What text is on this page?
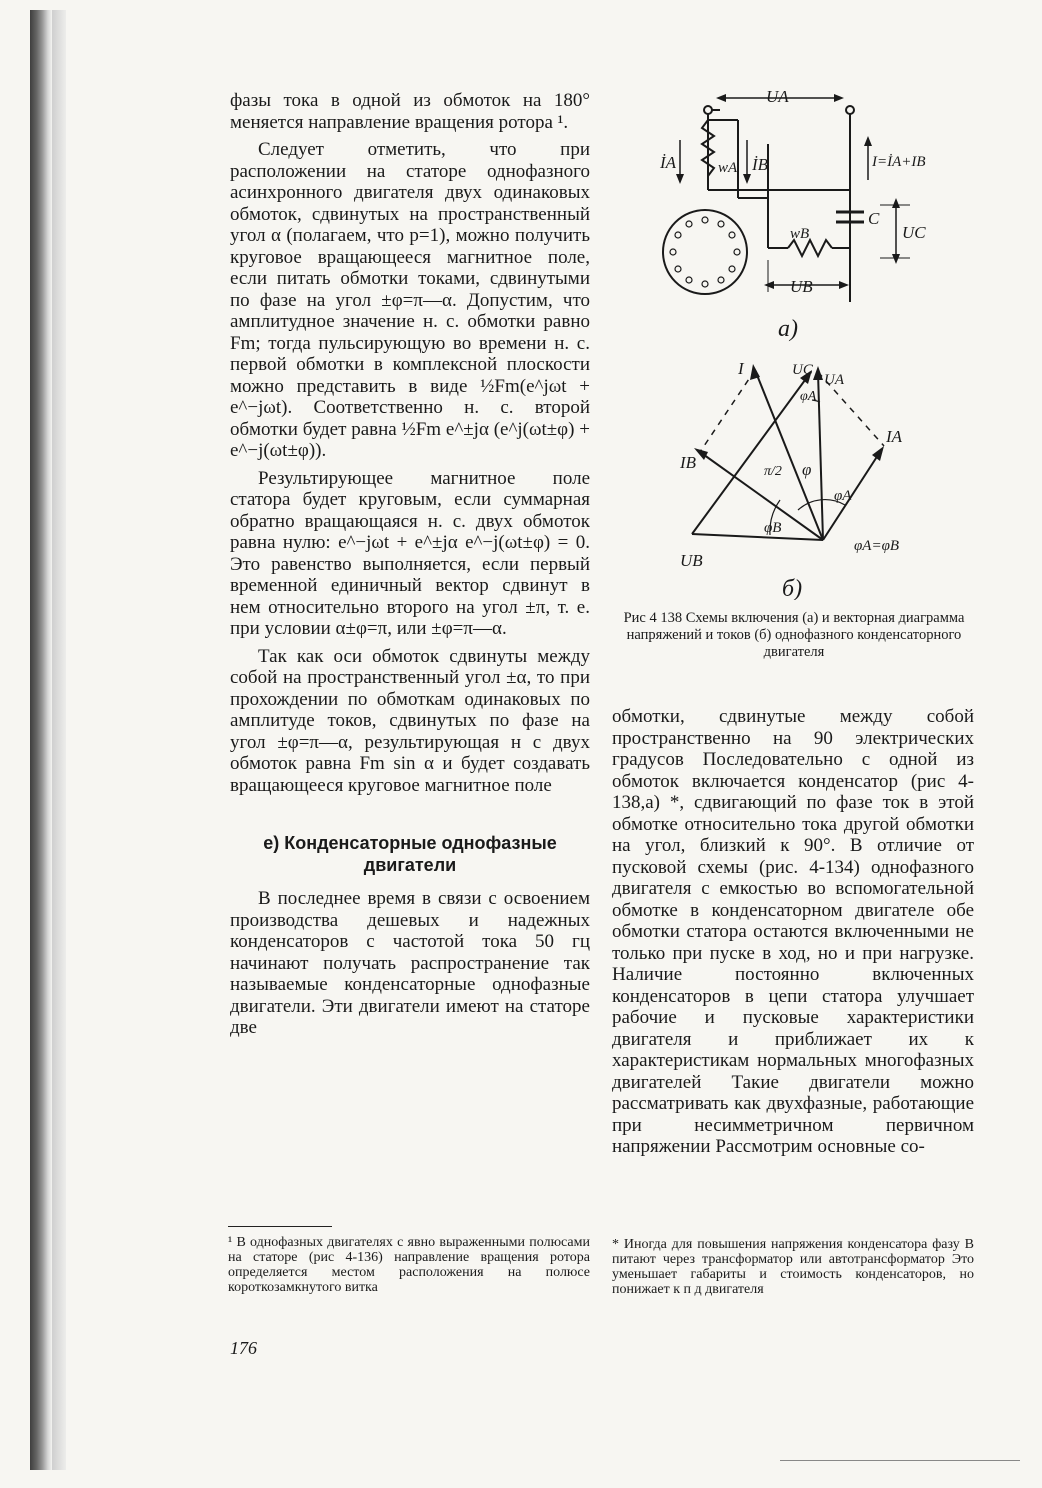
фазы тока в одной из обмоток на 180° меняется направление вращения ротора ¹.

Следует отметить, что при расположении на статоре однофазного асинхронного двигателя двух одинаковых обмоток, сдвинутых на пространственный угол α (полагаем, что p=1), можно получить круговое вращающееся магнитное поле, если питать обмотки токами, сдвинутыми по фазе на угол ±φ=π—α. Допустим, что амплитудное значение н. с. обмотки равно Fm; тогда пульсирующую во времени н. с. первой обмотки в комплексной плоскости можно представить в виде ½Fm(e^jωt + e^−jωt). Соответственно н. с. второй обмотки будет равна ½Fm e^±jα (e^j(ωt±φ) + e^−j(ωt±φ)).

Результирующее магнитное поле статора будет круговым, если суммарная обратно вращающаяся н. с. двух обмоток равна нулю: e^−jωt + e^±jα e^−j(ωt±φ) = 0. Это равенство выполняется, если первый временной единичный вектор сдвинут в нем относительно второго на угол ±π, т. е. при условии α±φ=π, или ±φ=π—α.

Так как оси обмоток сдвинуты между собой на пространственный угол ±α, то при прохождении по обмоткам одинаковых по амплитуде токов, сдвинутых по фазе на угол ±φ=π—α, результирующая н с двух обмоток равна Fm sin α и будет создавать вращающееся круговое магнитное поле

е) Конденсаторные однофазные двигатели

В последнее время в связи с освоением производства дешевых и надежных конденсаторов с частотой тока 50 гц начинают получать распространение так называемые конденсаторные однофазные двигатели. Эти двигатели имеют на статоре две

UA
İA	wA İB	I=İA+IB
C
UC
wB
UB
а)
I	UC
UA
φA
IA
IB	π/2 φ
φA
φB
UB
φA=φB
б)
Рис 4 138 Схемы включения (а) и векторная диаграмма напряжений и токов (б) однофазного конденсаторного двигателя

обмотки, сдвинутые между собой пространственно на 90 электрических градусов Последовательно с одной из обмоток включается конденсатор (рис 4-138,а) *, сдвигающий по фазе ток в этой обмотке относительно тока другой обмотки на угол, близкий к 90°. В отличие от пусковой схемы (рис. 4-134) однофазного двигателя с емкостью во вспомогательной обмотке в конденсаторном двигателе обе обмотки статора остаются включенными не только при пуске в ход, но и при нагрузке. Наличие постоянно включенных конденсаторов в цепи статора улучшает рабочие и пусковые характеристики двигателя и приближает их к характеристикам нормальных многофазных двигателей Такие двигатели можно рассматривать как двухфазные, работающие при несимметричном первичном напряжении Рассмотрим основные со-

¹ В однофазных двигателях с явно выраженными полюсами на статоре (рис 4-136) направление вращения ротора определяется местом расположения на полюсе короткозамкнутого витка
* Иногда для повышения напряжения конденсатора фазу В питают через трансформатор или автотрансформатор Это уменьшает габариты и стоимость конденсаторов, но понижает к п д двигателя
176
